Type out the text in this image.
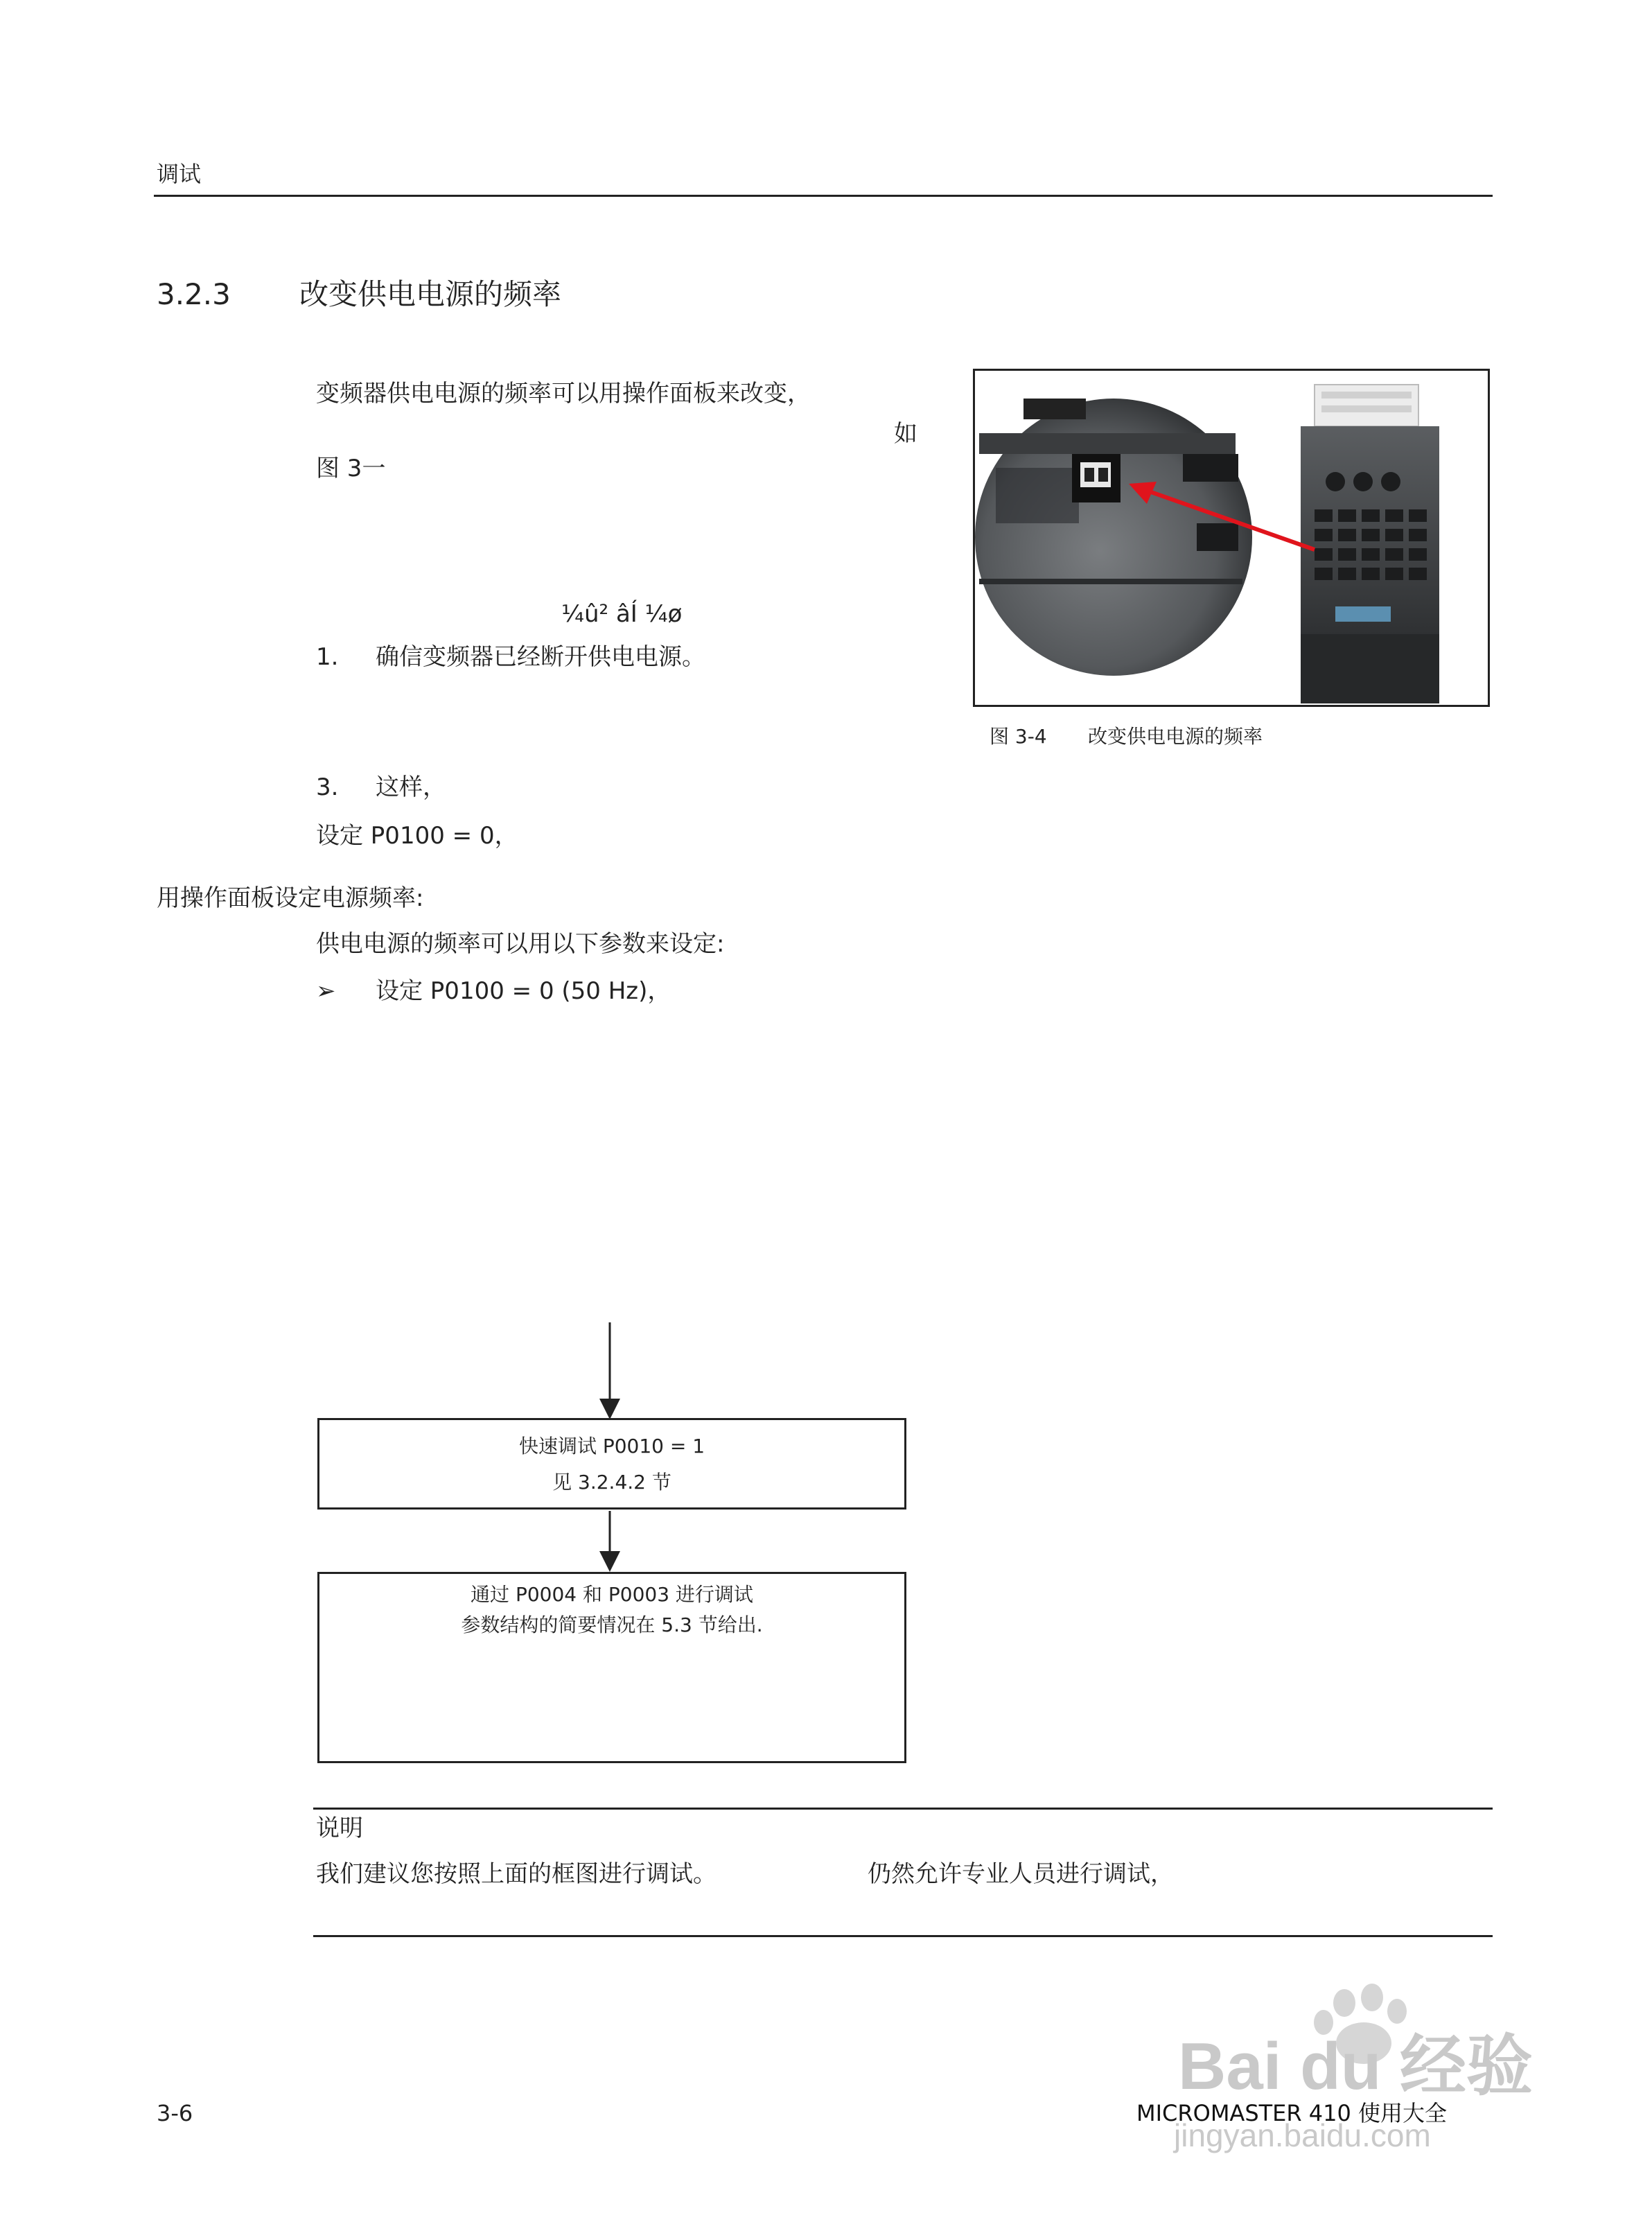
调试
3.2.3 改变供电电源的频率
变频器供电电源的频率可以用操作面板来改变，
如
图 3一
¼û² âÍ ¼ø
1. 确信变频器已经断开供电电源。
3. 这样，
设定 P0100 = 0，
图 3-4 改变供电电源的频率
用操作面板设定电源频率:
供电电源的频率可以用以下参数来设定:
➢ 设定 P0100 = 0 (50 Hz)，
快速调试 P0010 = 1
见 3.2.4.2 节
通过 P0004 和 P0003 进行调试
参数结构的简要情况在 5.3 节给出.
说明
我们建议您按照上面的框图进行调试。	仍然允许专业人员进行调试，
Bai du 经验
jingyan.baidu.com
3-6	MICROMASTER 410 使用大全
